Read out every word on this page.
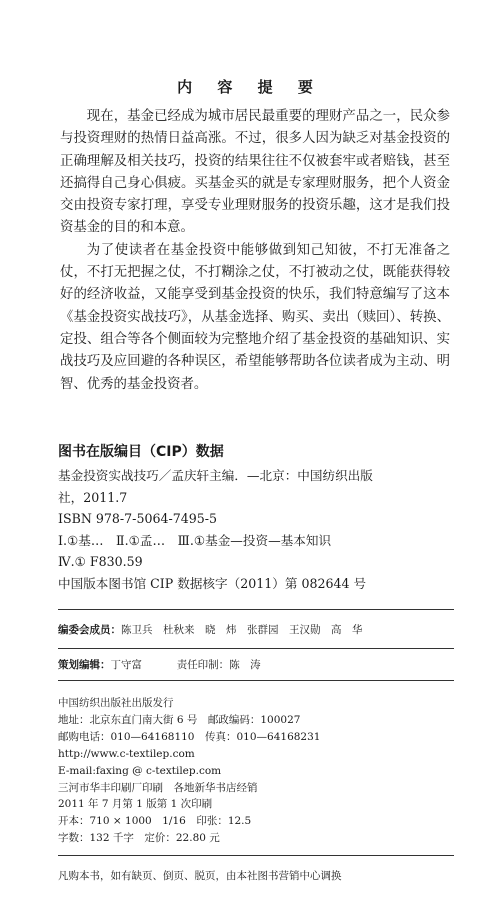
内 容 提 要

现在，基金已经成为城市居民最重要的理财产品之一，民众参与投资理财的热情日益高涨。不过，很多人因为缺乏对基金投资的正确理解及相关技巧，投资的结果往往不仅被套牢或者赔钱，甚至还搞得自己身心俱疲。买基金买的就是专家理财服务，把个人资金交由投资专家打理，享受专业理财服务的投资乐趣，这才是我们投资基金的目的和本意。

为了使读者在基金投资中能够做到知己知彼，不打无准备之仗，不打无把握之仗，不打糊涂之仗，不打被动之仗，既能获得较好的经济收益，又能享受到基金投资的快乐，我们特意编写了这本《基金投资实战技巧》，从基金选择、购买、卖出（赎回）、转换、定投、组合等各个侧面较为完整地介绍了基金投资的基础知识、实战技巧及应回避的各种误区，希望能够帮助各位读者成为主动、明智、优秀的基金投资者。

图书在版编目（CIP）数据
基金投资实战技巧／孟庆轩主编．—北京：中国纺织出版
社，2011.7
ISBN 978-7-5064-7495-5
Ⅰ.①基…　Ⅱ.①孟…　Ⅲ.①基金—投资—基本知识
Ⅳ.① F830.59
中国版本图书馆 CIP 数据核字（2011）第 082644 号
编委会成员：陈卫兵　杜秋来　晓　炜　张群园　王汉勋　高　华
策划编辑：丁守富	责任印制：陈　涛
中国纺织出版社出版发行
地址：北京东直门南大街 6 号　邮政编码：100027
邮购电话：010—64168110　传真：010—64168231
http://www.c-textilep.com
E-mail:faxing @ c-textilep.com
三河市华丰印刷厂印刷　各地新华书店经销
2011 年 7 月第 1 版第 1 次印刷
开本：710 × 1000　1/16　印张：12.5
字数：132 千字　定价：22.80 元
凡购本书，如有缺页、倒页、脱页，由本社图书营销中心调换
